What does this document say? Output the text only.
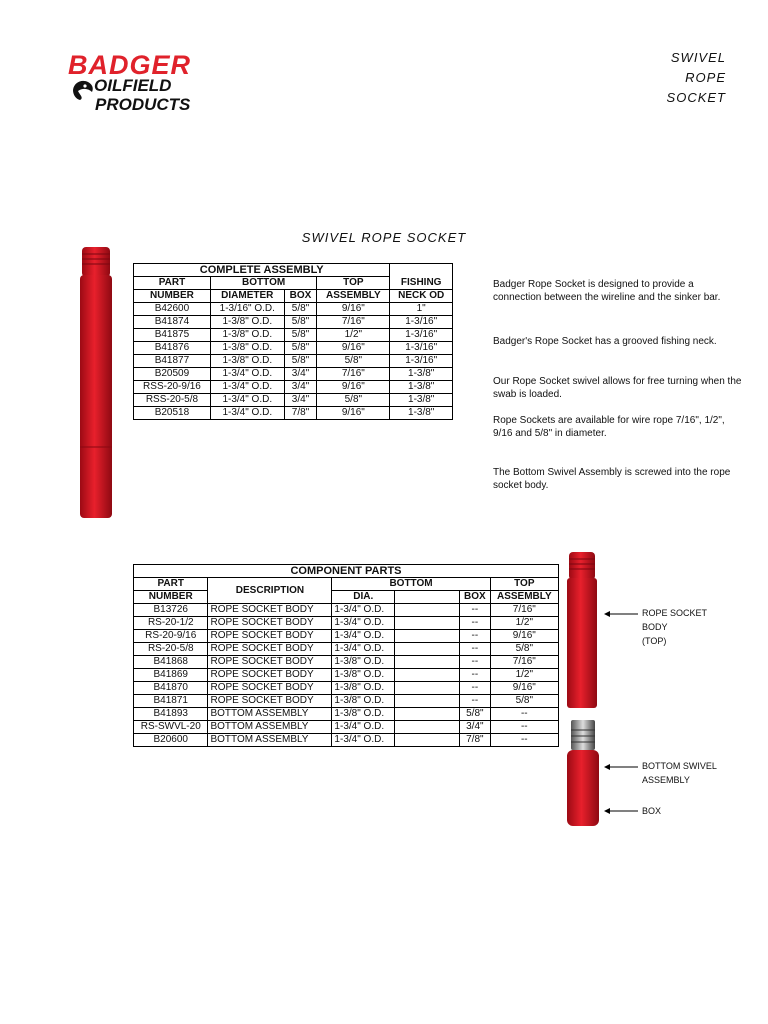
BADGER
OILFIELD
PRODUCTS
SWIVEL
ROPE
SOCKET
SWIVEL ROPE SOCKET
COMPLETE ASSEMBLY				
PART	BOTTOM		TOP	FISHING
NUMBER	DIAMETER	BOX	ASSEMBLY	NECK OD
B42600	1-3/16" O.D.	5/8"	9/16"	1"
B41874	1-3/8" O.D.	5/8"	7/16"	1-3/16"
B41875	1-3/8" O.D.	5/8"	1/2"	1-3/16"
B41876	1-3/8" O.D.	5/8"	9/16"	1-3/16"
B41877	1-3/8" O.D.	5/8"	5/8"	1-3/16"
B20509	1-3/4" O.D.	3/4"	7/16"	1-3/8"
RSS-20-9/16	1-3/4" O.D.	3/4"	9/16"	1-3/8"
RSS-20-5/8	1-3/4" O.D.	3/4"	5/8"	1-3/8"
B20518	1-3/4" O.D.	7/8"	9/16"	1-3/8"
Badger Rope Socket is designed to provide a connection between the wireline and the sinker bar.
Badger's Rope Socket has a grooved fishing neck.
Our Rope Socket swivel allows for free turning when the swab is loaded.
Rope Sockets are available for wire rope 7/16", 1/2", 9/16 and 5/8" in diameter.
The Bottom Swivel Assembly is screwed into the rope socket body.
COMPONENT PARTS					
PART	DESCRIPTION	BOTTOM			TOP
NUMBER		DIA.		BOX	ASSEMBLY
B13726	ROPE SOCKET BODY	1-3/4" O.D.		--	7/16"
RS-20-1/2	ROPE SOCKET BODY	1-3/4" O.D.		--	1/2"
RS-20-9/16	ROPE SOCKET BODY	1-3/4" O.D.		--	9/16"
RS-20-5/8	ROPE SOCKET BODY	1-3/4" O.D.		--	5/8"
B41868	ROPE SOCKET BODY	1-3/8" O.D.		--	7/16"
B41869	ROPE SOCKET BODY	1-3/8" O.D.		--	1/2"
B41870	ROPE SOCKET BODY	1-3/8" O.D.		--	9/16"
B41871	ROPE SOCKET BODY	1-3/8" O.D.		--	5/8"
B41893	BOTTOM ASSEMBLY	1-3/8" O.D.		5/8"	--
RS-SWVL-20	BOTTOM ASSEMBLY	1-3/4" O.D.		3/4"	--
B20600	BOTTOM ASSEMBLY	1-3/4" O.D.		7/8"	--
ROPE SOCKET
BODY
(TOP)
BOTTOM SWIVEL
ASSEMBLY
BOX
